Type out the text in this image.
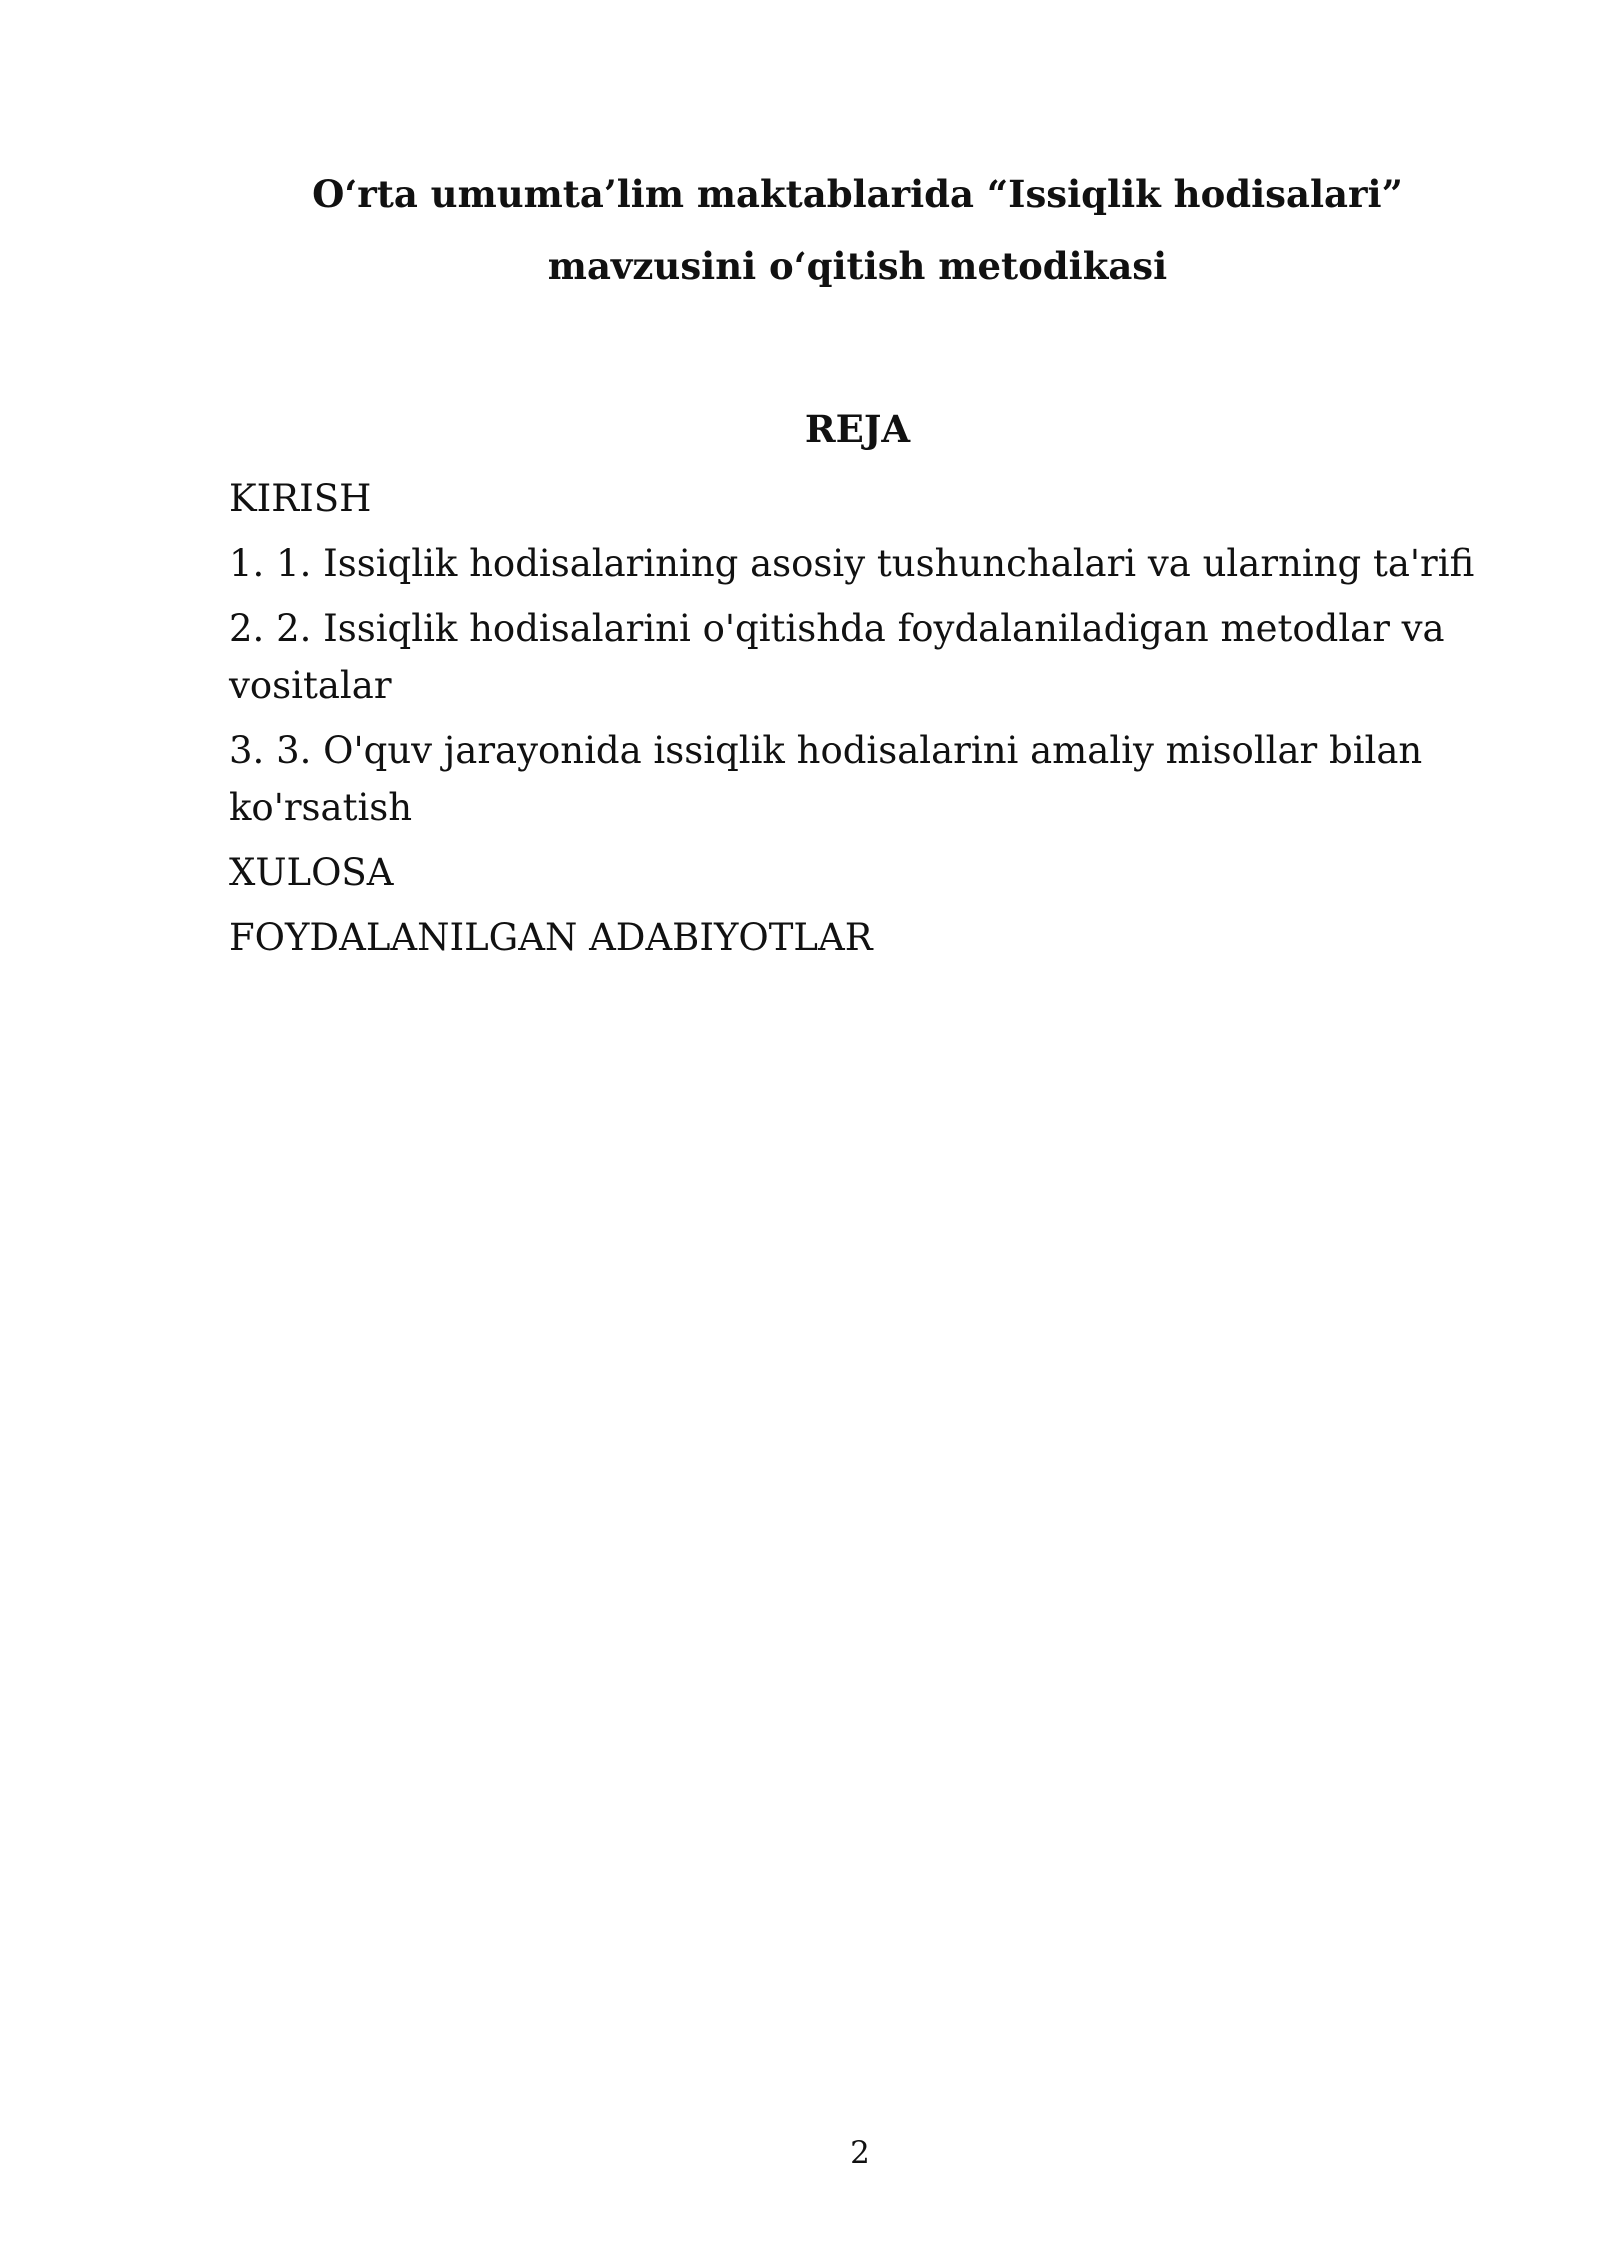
O‘rta umumta’lim maktablarida “Issiqlik hodisalari”
mavzusini o‘qitish metodikasi
REJA
KIRISH
1. 1. Issiqlik hodisalarining asosiy tushunchalari va ularning ta'rifi
2. 2. Issiqlik hodisalarini o'qitishda foydalaniladigan metodlar va vositalar
3. 3. O'quv jarayonida issiqlik hodisalarini amaliy misollar bilan ko'rsatish
XULOSA
FOYDALANILGAN ADABIYOTLAR
2
